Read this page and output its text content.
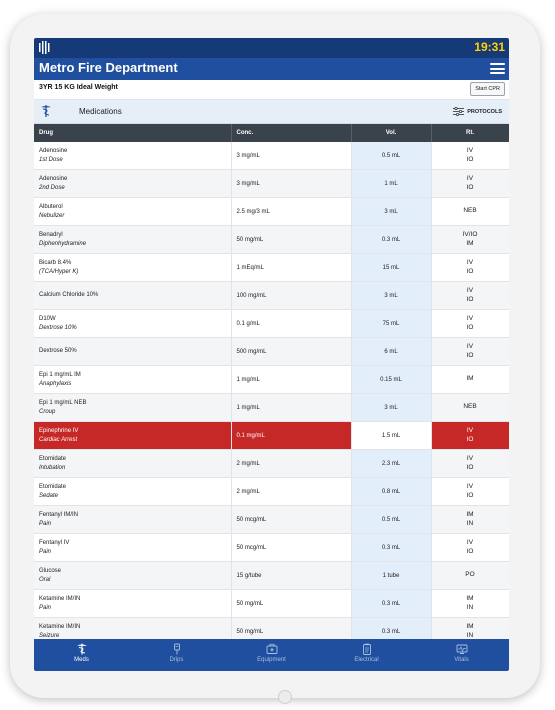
19:31
Metro Fire Department
3YR 15 KG Ideal Weight	Start CPR
Medications	PROTOCOLS
Drug	Conc.	Vol.	Rt.

Adenosine
1st Dose	3 mg/mL	0.5 mL	IV
IO

Adenosine
2nd Dose	3 mg/mL	1 mL	IV
IO

Albuterol
Nebulizer	2.5 mg/3 mL	3 mL	NEB

Benadryl
Diphenhydramine	50 mg/mL	0.3 mL	IV/IO
IM

Bicarb 8.4%
(TCA/Hyper K)	1 mEq/mL	15 mL	IV
IO

Calcium Chloride 10%	100 mg/mL	3 mL	IV
IO

D10W
Dextrose 10%	0.1 g/mL	75 mL	IV
IO

Dextrose 50%	500 mg/mL	6 mL	IV
IO

Epi 1 mg/mL IM
Anaphylaxis	1 mg/mL	0.15 mL	IM

Epi 1 mg/mL NEB
Croup	1 mg/mL	3 mL	NEB

Epinephrine IV
Cardiac Arrest	0.1 mg/mL	1.5 mL	IV
IO

Etomidate
Intubation	2 mg/mL	2.3 mL	IV
IO

Etomidate
Sedate	2 mg/mL	0.8 mL	IV
IO

Fentanyl IM/IN
Pain	50 mcg/mL	0.5 mL	IM
IN

Fentanyl IV
Pain	50 mcg/mL	0.3 mL	IV
IO

Glucose
Oral	15 g/tube	1 tube	PO

Ketamine IM/IN
Pain	50 mg/mL	0.3 mL	IM
IN

Ketamine IM/IN
Seizure	50 mg/mL	0.3 mL	IM
IN
Meds	Drips	Equipment	Electrical	Vitals
